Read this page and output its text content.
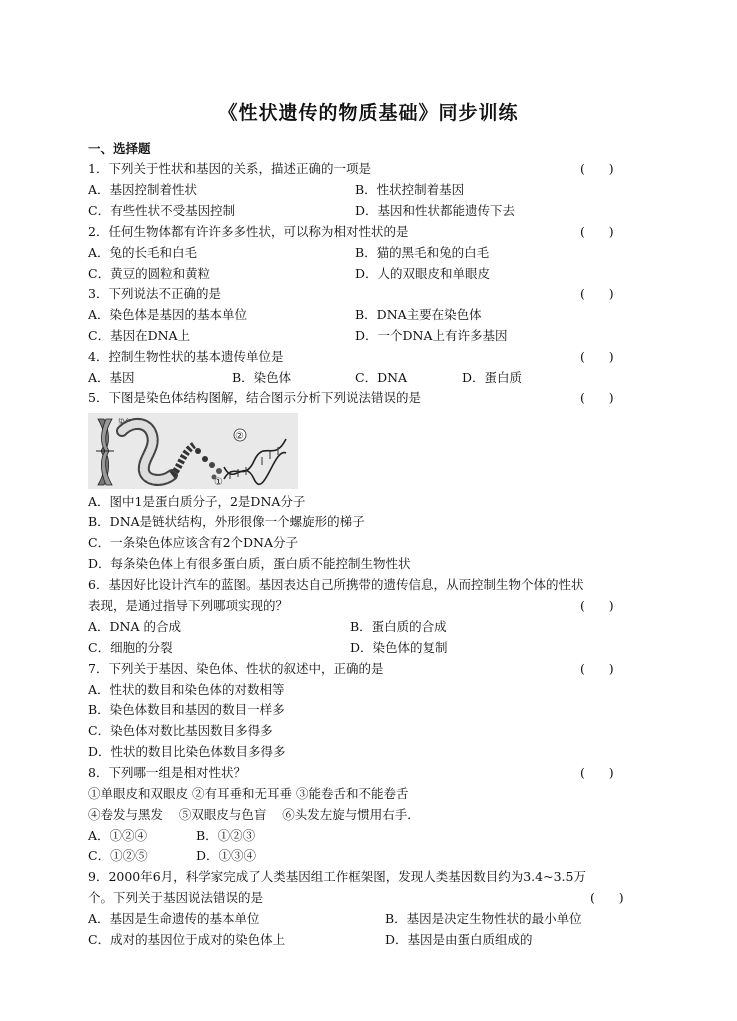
《性状遗传的物质基础》同步训练
一、选择题
1．下列关于性状和基因的关系，描述正确的一项是	(      )
A．基因控制着性状	B．性状控制着基因
C．有些性状不受基因控制	D．基因和性状都能遗传下去
2．任何生物体都有许许多多性状，可以称为相对性状的是	(      )
A．兔的长毛和白毛	B．猫的黑毛和兔的白毛
C．黄豆的圆粒和黄粒	D．人的双眼皮和单眼皮
3．下列说法不正确的是	(      )
A．染色体是基因的基本单位	B．DNA主要在染色体
C．基因在DNA上	D．一个DNA上有许多基因
4．控制生物性状的基本遗传单位是	(      )
A．基因	B．染色体	C．DNA	D．蛋白质
5．下图是染色体结构图解，结合图示分析下列说法错误的是	(      )
染色体
②
①
A．图中1是蛋白质分子，2是DNA分子
B．DNA是链状结构，外形很像一个螺旋形的梯子
C．一条染色体应该含有2个DNA分子
D．每条染色体上有很多蛋白质，蛋白质不能控制生物性状
6．基因好比设计汽车的蓝图。基因表达自己所携带的遗传信息，从而控制生物个体的性状
表现，是通过指导下列哪项实现的？	(      )
A．DNA 的合成	B．蛋白质的合成
C．细胞的分裂	D．染色体的复制
7．下列关于基因、染色体、性状的叙述中，正确的是	(      )
A．性状的数目和染色体的对数相等
B．染色体数目和基因的数目一样多
C．染色体对数比基因数目多得多
D．性状的数目比染色体数目多得多
8．下列哪一组是相对性状？	(      )
①单眼皮和双眼皮 ②有耳垂和无耳垂 ③能卷舌和不能卷舌
④卷发与黑发    ⑤双眼皮与色盲    ⑥头发左旋与惯用右手．
A．①②④	B．①②③
C．①②⑤	D．①③④
9．2000年6月，科学家完成了人类基因组工作框架图，发现人类基因数目约为3.4~3.5万
个。下列关于基因说法错误的是	(      )
A．基因是生命遗传的基本单位	B．基因是决定生物性状的最小单位
C．成对的基因位于成对的染色体上	D．基因是由蛋白质组成的
